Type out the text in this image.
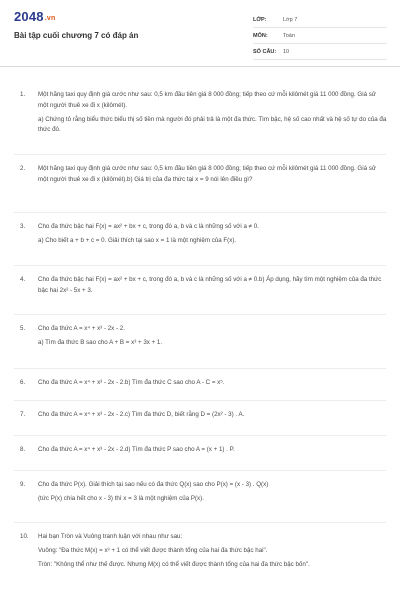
2048.vn
Bài tập cuối chương 7 có đáp án
LỚP:	Lớp 7
MÔN:	Toán
SỐ CÂU:	10
1.	Một hãng taxi quy định giá cước như sau: 0,5 km đầu tiên giá 8 000 đồng; tiếp theo cứ mỗi kilômét giá 11 000 đồng. Giá sử một người thuê xe đi x (kilômét).

a) Chứng tỏ rằng biểu thức biểu thị số tiền mà người đó phải trả là một đa thức. Tìm bậc, hệ số cao nhất và hệ số tự do của đa thức đó.

2.	Một hãng taxi quy định giá cước như sau: 0,5 km đầu tiên giá 8 000 đồng; tiếp theo cứ mỗi kilômét giá 11 000 đồng. Giá sử một người thuê xe đi x (kilômét).b) Giá trị của đa thức tại x = 9 nói lên điều gì?

3.	Cho đa thức bậc hai F(x) = ax² + bx + c, trong đó a, b và c là những số với a ≠ 0.

a) Cho biết a + b + c = 0. Giải thích tại sao x = 1 là một nghiệm của F(x).

4.	Cho đa thức bậc hai F(x) = ax² + bx + c, trong đó a, b và c là những số với a ≠ 0.b) Áp dụng, hãy tìm một nghiệm của đa thức bậc hai 2x² - 5x + 3.

5.	Cho đa thức A = x⁴ + x³ - 2x - 2.

a) Tìm đa thức B sao cho A + B = x³ + 3x + 1.

6.	Cho đa thức A = x⁴ + x³ - 2x - 2.b) Tìm đa thức C sao cho A - C = x⁵.

7.	Cho đa thức A = x⁴ + x³ - 2x - 2.c) Tìm đa thức D, biết rằng D = (2x² - 3) . A.

8.	Cho đa thức A = x⁴ + x³ - 2x - 2.d) Tìm đa thức P sao cho A = (x + 1) . P.

9.	Cho đa thức P(x). Giải thích tại sao nếu có đa thức Q(x) sao cho P(x) = (x - 3) . Q(x)

(tức P(x) chia hết cho x - 3) thì x = 3 là một nghiệm của P(x).

10.	Hai bạn Tròn và Vuông tranh luận với nhau như sau:

Vuông: "Đa thức M(x) = x³ + 1 có thể viết được thành tổng của hai đa thức bậc hai".

Tròn: "Không thể như thế được. Nhưng M(x) có thể viết được thành tổng của hai đa thức bậc bốn".
